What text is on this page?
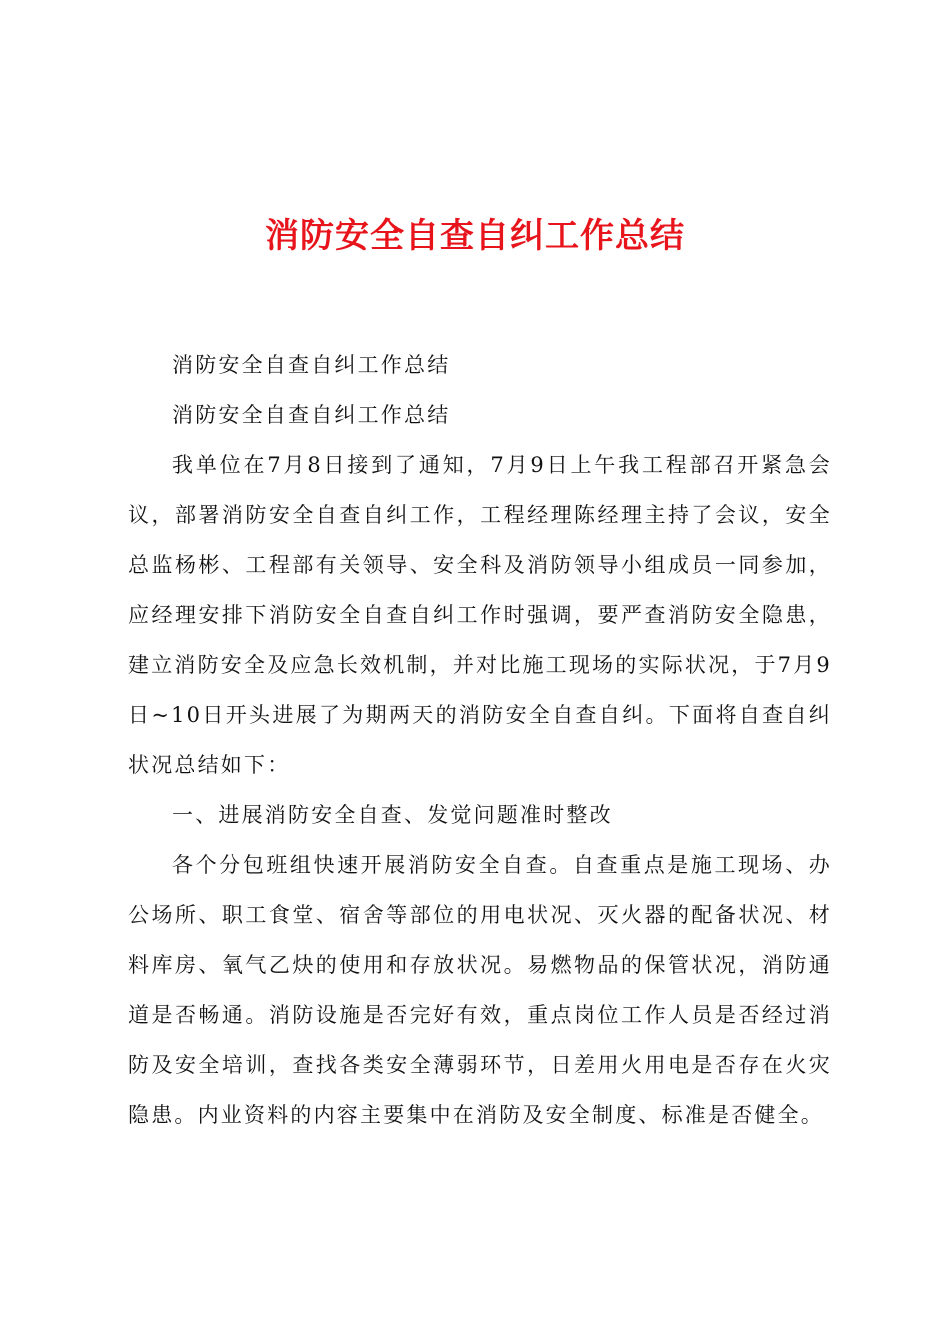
消防安全自查自纠工作总结

消防安全自查自纠工作总结

消防安全自查自纠工作总结

我单位在7月8日接到了通知，7月9日上午我工程部召开紧急会议，部署消防安全自查自纠工作，工程经理陈经理主持了会议，安全总监杨彬、工程部有关领导、安全科及消防领导小组成员一同参加，应经理安排下消防安全自查自纠工作时强调，要严查消防安全隐患，建立消防安全及应急长效机制，并对比施工现场的实际状况，于7月9日~10日开头进展了为期两天的消防安全自查自纠。下面将自查自纠状况总结如下：

一、进展消防安全自查、发觉问题准时整改

各个分包班组快速开展消防安全自查。自查重点是施工现场、办公场所、职工食堂、宿舍等部位的用电状况、灭火器的配备状况、材料库房、氧气乙炔的使用和存放状况。易燃物品的保管状况，消防通道是否畅通。消防设施是否完好有效，重点岗位工作人员是否经过消防及安全培训，查找各类安全薄弱环节，日差用火用电是否存在火灾隐患。内业资料的内容主要集中在消防及安全制度、标准是否健全。
